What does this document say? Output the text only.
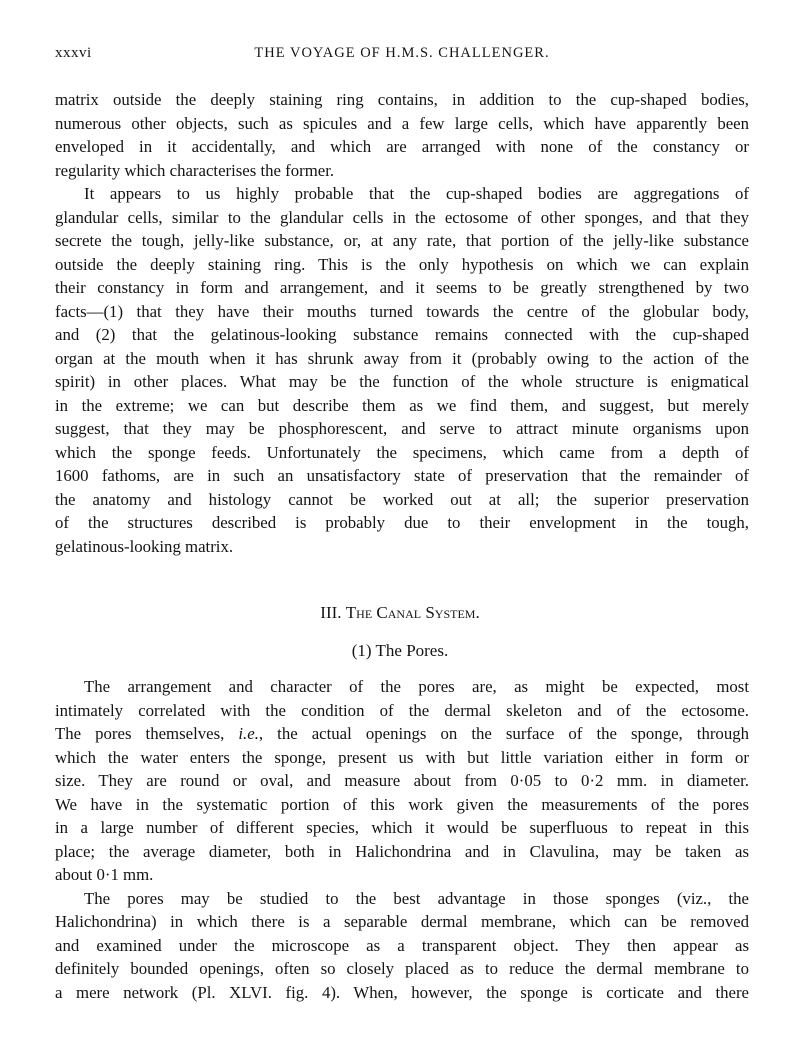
xxxvi	THE VOYAGE OF H.M.S. CHALLENGER.
matrix outside the deeply staining ring contains, in addition to the cup-shaped bodies,
numerous other objects, such as spicules and a few large cells, which have apparently been
enveloped in it accidentally, and which are arranged with none of the constancy or
regularity which characterises the former.
It appears to us highly probable that the cup-shaped bodies are aggregations of
glandular cells, similar to the glandular cells in the ectosome of other sponges, and that they
secrete the tough, jelly-like substance, or, at any rate, that portion of the jelly-like substance
outside the deeply staining ring. This is the only hypothesis on which we can explain
their constancy in form and arrangement, and it seems to be greatly strengthened by two
facts—(1) that they have their mouths turned towards the centre of the globular body,
and (2) that the gelatinous-looking substance remains connected with the cup-shaped
organ at the mouth when it has shrunk away from it (probably owing to the action of the
spirit) in other places. What may be the function of the whole structure is enigmatical
in the extreme; we can but describe them as we find them, and suggest, but merely
suggest, that they may be phosphorescent, and serve to attract minute organisms upon
which the sponge feeds. Unfortunately the specimens, which came from a depth of
1600 fathoms, are in such an unsatisfactory state of preservation that the remainder of
the anatomy and histology cannot be worked out at all; the superior preservation
of the structures described is probably due to their envelopment in the tough,
gelatinous-looking matrix.
III. The Canal System.
(1) The Pores.
The arrangement and character of the pores are, as might be expected, most
intimately correlated with the condition of the dermal skeleton and of the ectosome.
The pores themselves, i.e., the actual openings on the surface of the sponge, through
which the water enters the sponge, present us with but little variation either in form or
size. They are round or oval, and measure about from 0·05 to 0·2 mm. in diameter.
We have in the systematic portion of this work given the measurements of the pores
in a large number of different species, which it would be superfluous to repeat in this
place; the average diameter, both in Halichondrina and in Clavulina, may be taken as
about 0·1 mm.
The pores may be studied to the best advantage in those sponges (viz., the
Halichondrina) in which there is a separable dermal membrane, which can be removed
and examined under the microscope as a transparent object. They then appear as
definitely bounded openings, often so closely placed as to reduce the dermal membrane to
a mere network (Pl. XLVI. fig. 4). When, however, the sponge is corticate and there
